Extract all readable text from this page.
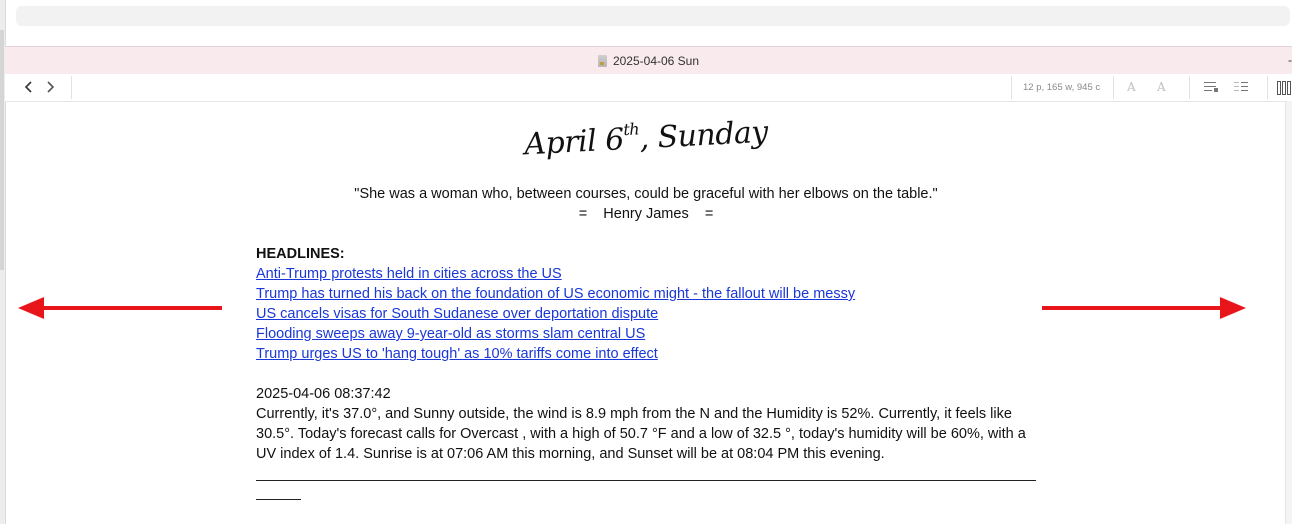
2025-04-06 Sun	-
12 p, 165 w, 945 c A A
April 6th, Sunday
"She was a woman who, between courses, could be graceful with her elbows on the table."
=    Henry James    =
HEADLINES:
Anti-Trump protests held in cities across the US
Trump has turned his back on the foundation of US economic might - the fallout will be messy
US cancels visas for South Sudanese over deportation dispute
Flooding sweeps away 9-year-old as storms slam central US
Trump urges US to 'hang tough' as 10% tariffs come into effect
2025-04-06 08:37:42
Currently, it's 37.0°, and Sunny outside, the wind is 8.9 mph from the N and the Humidity is 52%. Currently, it feels like 30.5°. Today's forecast calls for Overcast , with a high of 50.7 °F and a low of 32.5 °, today's humidity will be 60%, with a UV index of 1.4. Sunrise is at 07:06 AM this morning, and Sunset will be at 08:04 PM this evening.
